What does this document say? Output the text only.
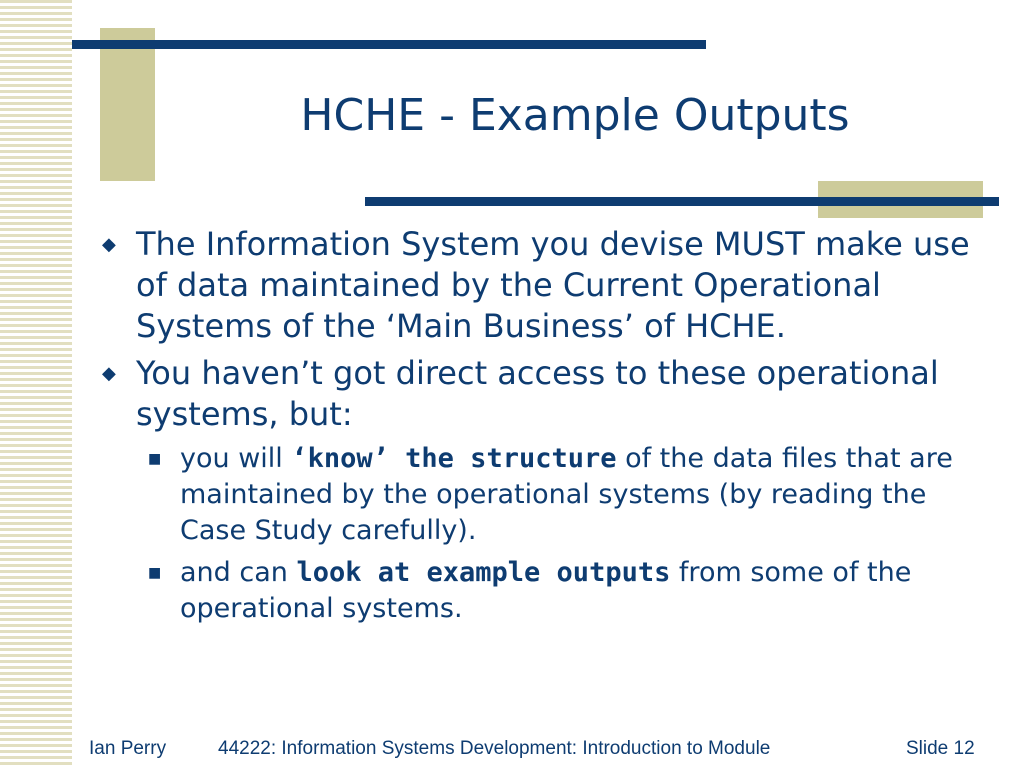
HCHE - Example Outputs
◆ The Information System you devise MUST make use of data maintained by the Current Operational Systems of the ‘Main Business’ of HCHE.
◆ You haven’t got direct access to these operational systems, but:
■ you will ‘know’ the structure of the data files that are maintained by the operational systems (by reading the Case Study carefully).
■ and can look at example outputs from some of the operational systems.
Ian Perry	44222: Information Systems Development: Introduction to Module	Slide 12
